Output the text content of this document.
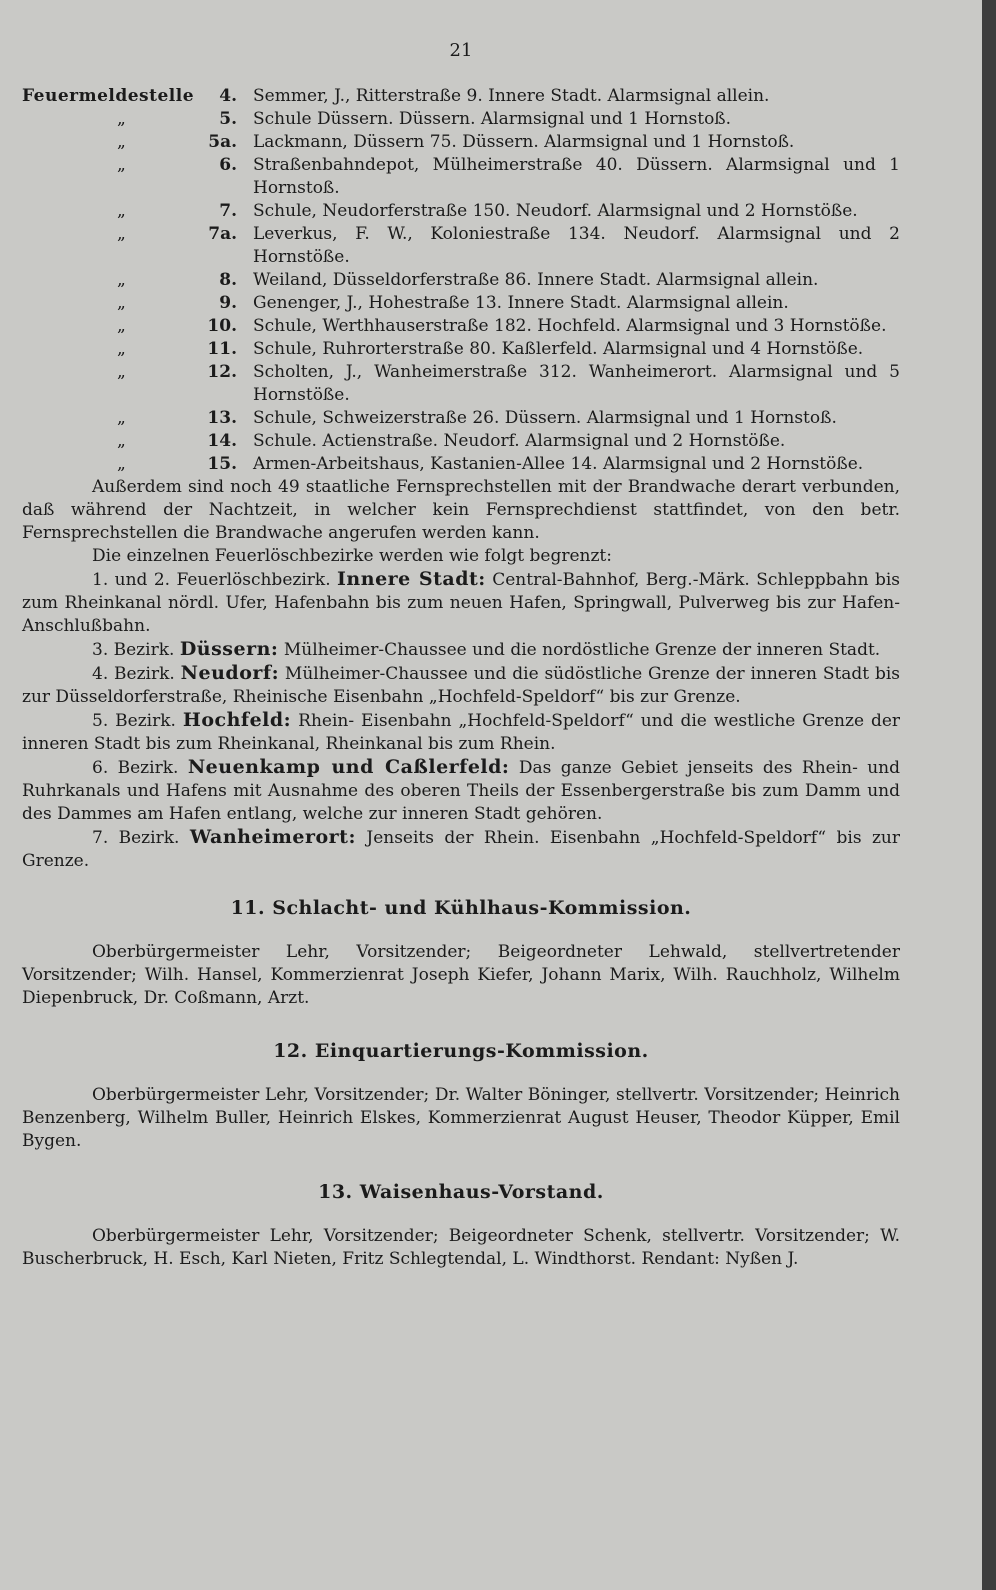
21
Feuermeldestelle	4. Semmer, J., Ritterstraße 9. Innere Stadt. Alarmsignal allein.
„	5. Schule Düssern. Düssern. Alarmsignal und 1 Hornstoß.
„	5a. Lackmann, Düssern 75. Düssern. Alarmsignal und 1 Hornstoß.
„	6. Straßenbahndepot, Mülheimerstraße 40. Düssern. Alarmsignal und 1 Hornstoß.
„	7. Schule, Neudorferstraße 150. Neudorf. Alarmsignal und 2 Hornstöße.
„	7a. Leverkus, F. W., Koloniestraße 134. Neudorf. Alarmsignal und 2 Hornstöße.
„	8. Weiland, Düsseldorferstraße 86. Innere Stadt. Alarmsignal allein.
„	9. Genenger, J., Hohestraße 13. Innere Stadt. Alarmsignal allein.
„	10. Schule, Werthhauserstraße 182. Hochfeld. Alarmsignal und 3 Hornstöße.
„	11. Schule, Ruhrorterstraße 80. Kaßlerfeld. Alarmsignal und 4 Hornstöße.
„	12. Scholten, J., Wanheimerstraße 312. Wanheimerort. Alarmsignal und 5 Hornstöße.
„	13. Schule, Schweizerstraße 26. Düssern. Alarmsignal und 1 Hornstoß.
„	14. Schule. Actienstraße. Neudorf. Alarmsignal und 2 Hornstöße.
„	15. Armen-Arbeitshaus, Kastanien-Allee 14. Alarmsignal und 2 Hornstöße.

Außerdem sind noch 49 staatliche Fernsprechstellen mit der Brandwache derart verbunden, daß während der Nachtzeit, in welcher kein Fernsprechdienst stattfindet, von den betr. Fernsprechstellen die Brandwache angerufen werden kann.

Die einzelnen Feuerlöschbezirke werden wie folgt begrenzt:

1. und 2. Feuerlöschbezirk. Innere Stadt: Central-Bahnhof, Berg.-Märk. Schleppbahn bis zum Rheinkanal nördl. Ufer, Hafenbahn bis zum neuen Hafen, Springwall, Pulverweg bis zur Hafen-Anschlußbahn.

3. Bezirk. Düssern: Mülheimer-Chaussee und die nordöstliche Grenze der inneren Stadt.

4. Bezirk. Neudorf: Mülheimer-Chaussee und die südöstliche Grenze der inneren Stadt bis zur Düsseldorferstraße, Rheinische Eisenbahn „Hochfeld-Speldorf“ bis zur Grenze.

5. Bezirk. Hochfeld: Rhein- Eisenbahn „Hochfeld-Speldorf“ und die westliche Grenze der inneren Stadt bis zum Rheinkanal, Rheinkanal bis zum Rhein.

6. Bezirk. Neuenkamp und Caßlerfeld: Das ganze Gebiet jenseits des Rhein- und Ruhrkanals und Hafens mit Ausnahme des oberen Theils der Essenbergerstraße bis zum Damm und des Dammes am Hafen entlang, welche zur inneren Stadt gehören.

7. Bezirk. Wanheimerort: Jenseits der Rhein. Eisenbahn „Hochfeld-Speldorf“ bis zur Grenze.

11. Schlacht- und Kühlhaus-Kommission.

Oberbürgermeister Lehr, Vorsitzender; Beigeordneter Lehwald, stellvertretender Vorsitzender; Wilh. Hansel, Kommerzienrat Joseph Kiefer, Johann Marix, Wilh. Rauchholz, Wilhelm Diepenbruck, Dr. Coßmann, Arzt.

12. Einquartierungs-Kommission.

Oberbürgermeister Lehr, Vorsitzender; Dr. Walter Böninger, stellvertr. Vorsitzender; Heinrich Benzenberg, Wilhelm Buller, Heinrich Elskes, Kommerzienrat August Heuser, Theodor Küpper, Emil Bygen.

13. Waisenhaus-Vorstand.

Oberbürgermeister Lehr, Vorsitzender; Beigeordneter Schenk, stellvertr. Vorsitzender; W. Buscherbruck, H. Esch, Karl Nieten, Fritz Schlegtendal, L. Windthorst. Rendant: Nyßen J.
